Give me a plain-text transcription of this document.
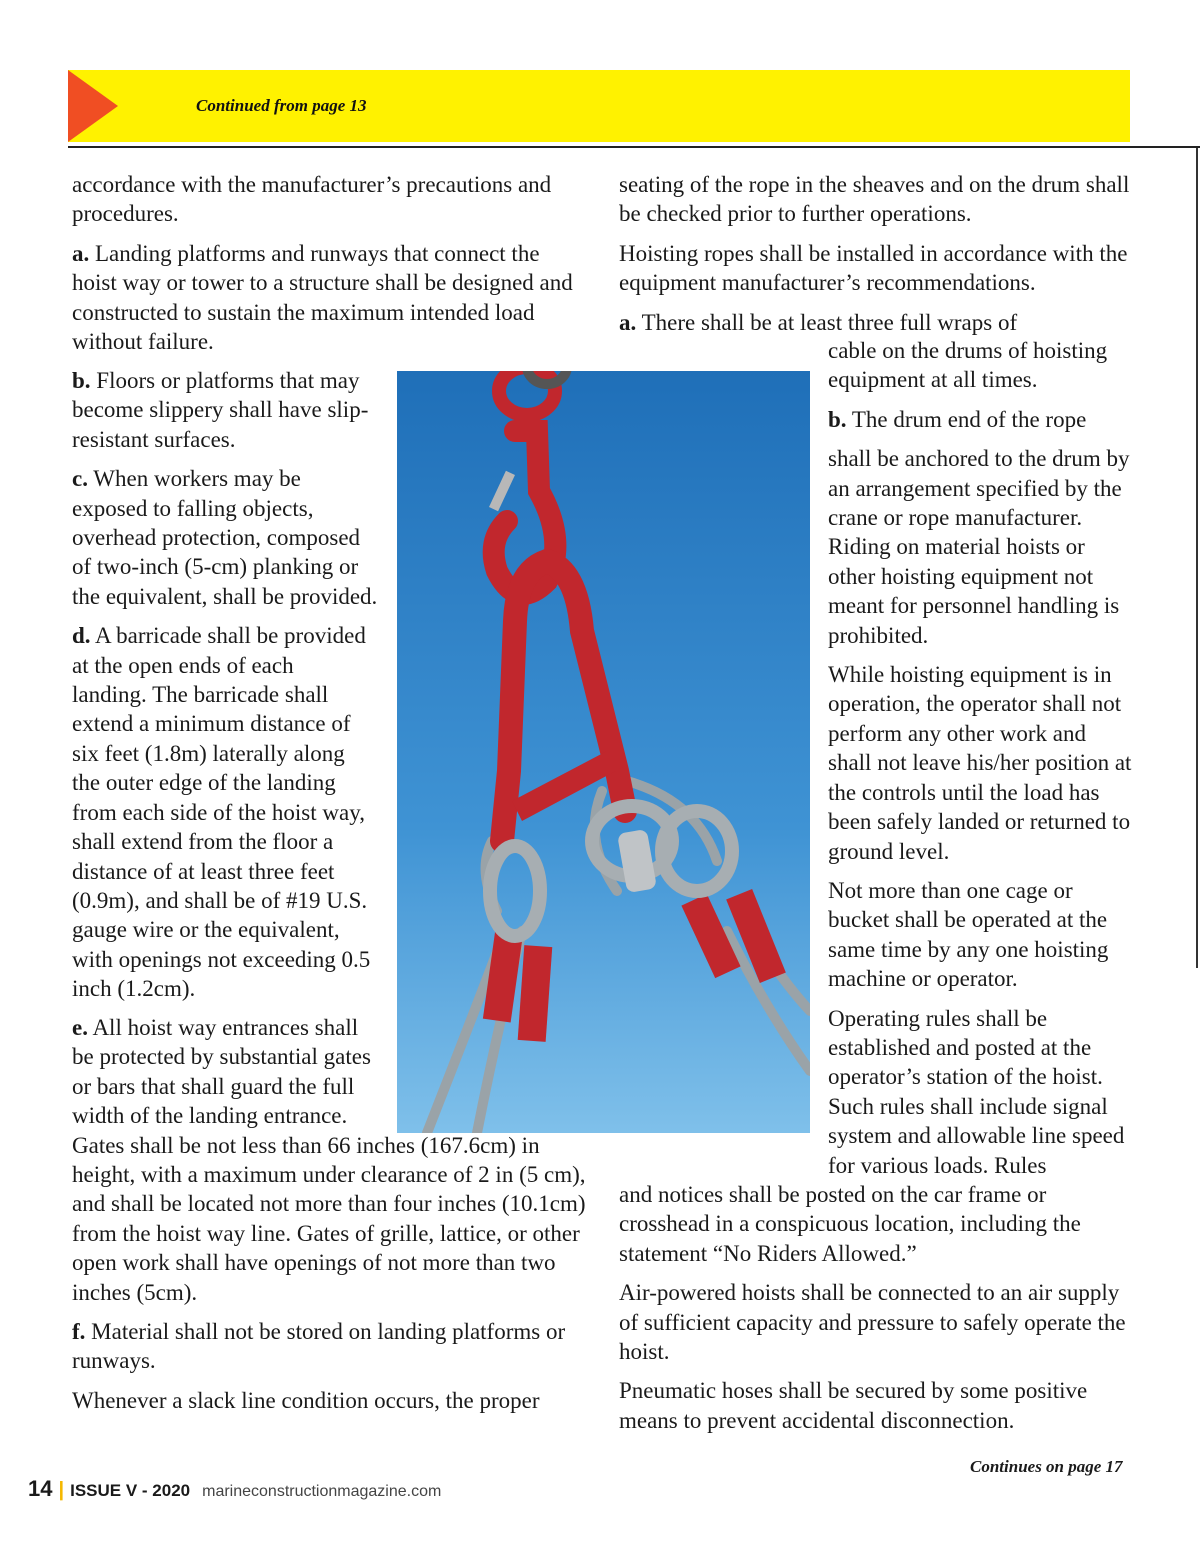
Continued from page 13

accordance with the manufacturer’s precautions and procedures.

a. Landing platforms and runways that connect the hoist way or tower to a structure shall be designed and constructed to sustain the maximum intended load without failure.

b. Floors or platforms that may become slippery shall have slip-resistant surfaces.

c. When workers may be exposed to falling objects, overhead protection, composed of two-inch (5-cm) planking or the equivalent, shall be provided.

d. A barricade shall be provided at the open ends of each landing. The barricade shall extend a minimum distance of six feet (1.8m) laterally along the outer edge of the landing from each side of the hoist way, shall extend from the floor a distance of at least three feet (0.9m), and shall be of #19 U.S. gauge wire or the equivalent, with openings not exceeding 0.5 inch (1.2cm).

e. All hoist way entrances shall be protected by substantial gates or bars that shall guard the full width of the landing entrance. Gates shall be not less than 66 inches (167.6cm) in height, with a maximum under clearance of 2 in (5 cm), and shall be located not more than four inches (10.1cm) from the hoist way line. Gates of grille, lattice, or other open work shall have openings of not more than two inches (5cm).

f. Material shall not be stored on landing platforms or runways.

Whenever a slack line condition occurs, the proper

seating of the rope in the sheaves and on the drum shall be checked prior to further operations.

Hoisting ropes shall be installed in accordance with the equipment manufacturer’s recommendations.

a. There shall be at least three full wraps of

cable on the drums of hoisting equipment at all times.

b. The drum end of the rope

shall be anchored to the drum by an arrangement specified by the crane or rope manufacturer. Riding on material hoists or other hoisting equipment not meant for personnel handling is prohibited.

While hoisting equipment is in operation, the operator shall not perform any other work and shall not leave his/her position at the controls until the load has been safely landed or returned to ground level.

Not more than one cage or bucket shall be operated at the same time by any one hoisting machine or operator.

Operating rules shall be established and posted at the operator’s station of the hoist. Such rules shall include signal system and allowable line speed for various loads. Rules

and notices shall be posted on the car frame or crosshead in a conspicuous location, including the statement “No Riders Allowed.”

Air-powered hoists shall be connected to an air supply of sufficient capacity and pressure to safely operate the hoist.

Pneumatic hoses shall be secured by some positive means to prevent accidental disconnection.

Continues on page 17
14 | ISSUE V - 2020 marineconstructionmagazine.com
